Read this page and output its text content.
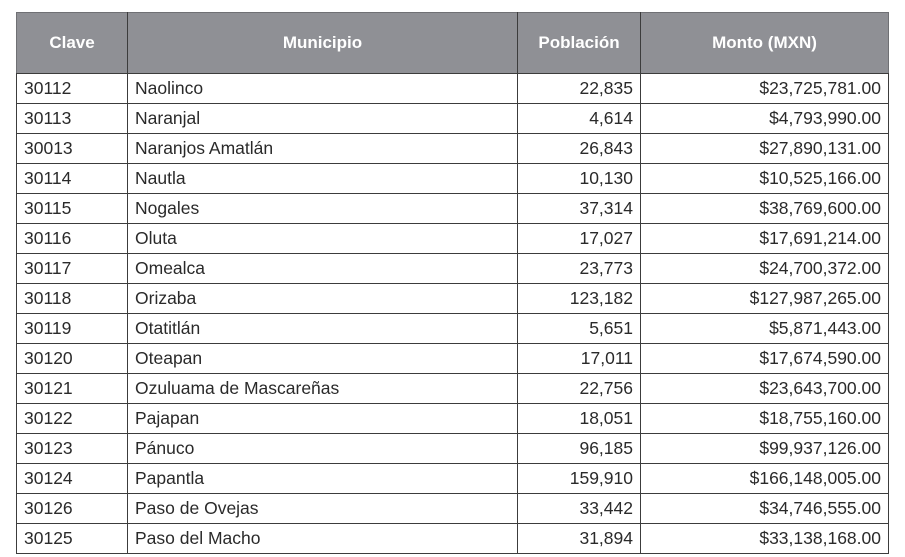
Clave	Municipio	Población	Monto (MXN)
30112	Naolinco	22,835	$23,725,781.00
30113	Naranjal	4,614	$4,793,990.00
30013	Naranjos Amatlán	26,843	$27,890,131.00
30114	Nautla	10,130	$10,525,166.00
30115	Nogales	37,314	$38,769,600.00
30116	Oluta	17,027	$17,691,214.00
30117	Omealca	23,773	$24,700,372.00
30118	Orizaba	123,182	$127,987,265.00
30119	Otatitlán	5,651	$5,871,443.00
30120	Oteapan	17,011	$17,674,590.00
30121	Ozuluama de Mascareñas	22,756	$23,643,700.00
30122	Pajapan	18,051	$18,755,160.00
30123	Pánuco	96,185	$99,937,126.00
30124	Papantla	159,910	$166,148,005.00
30126	Paso de Ovejas	33,442	$34,746,555.00
30125	Paso del Macho	31,894	$33,138,168.00
